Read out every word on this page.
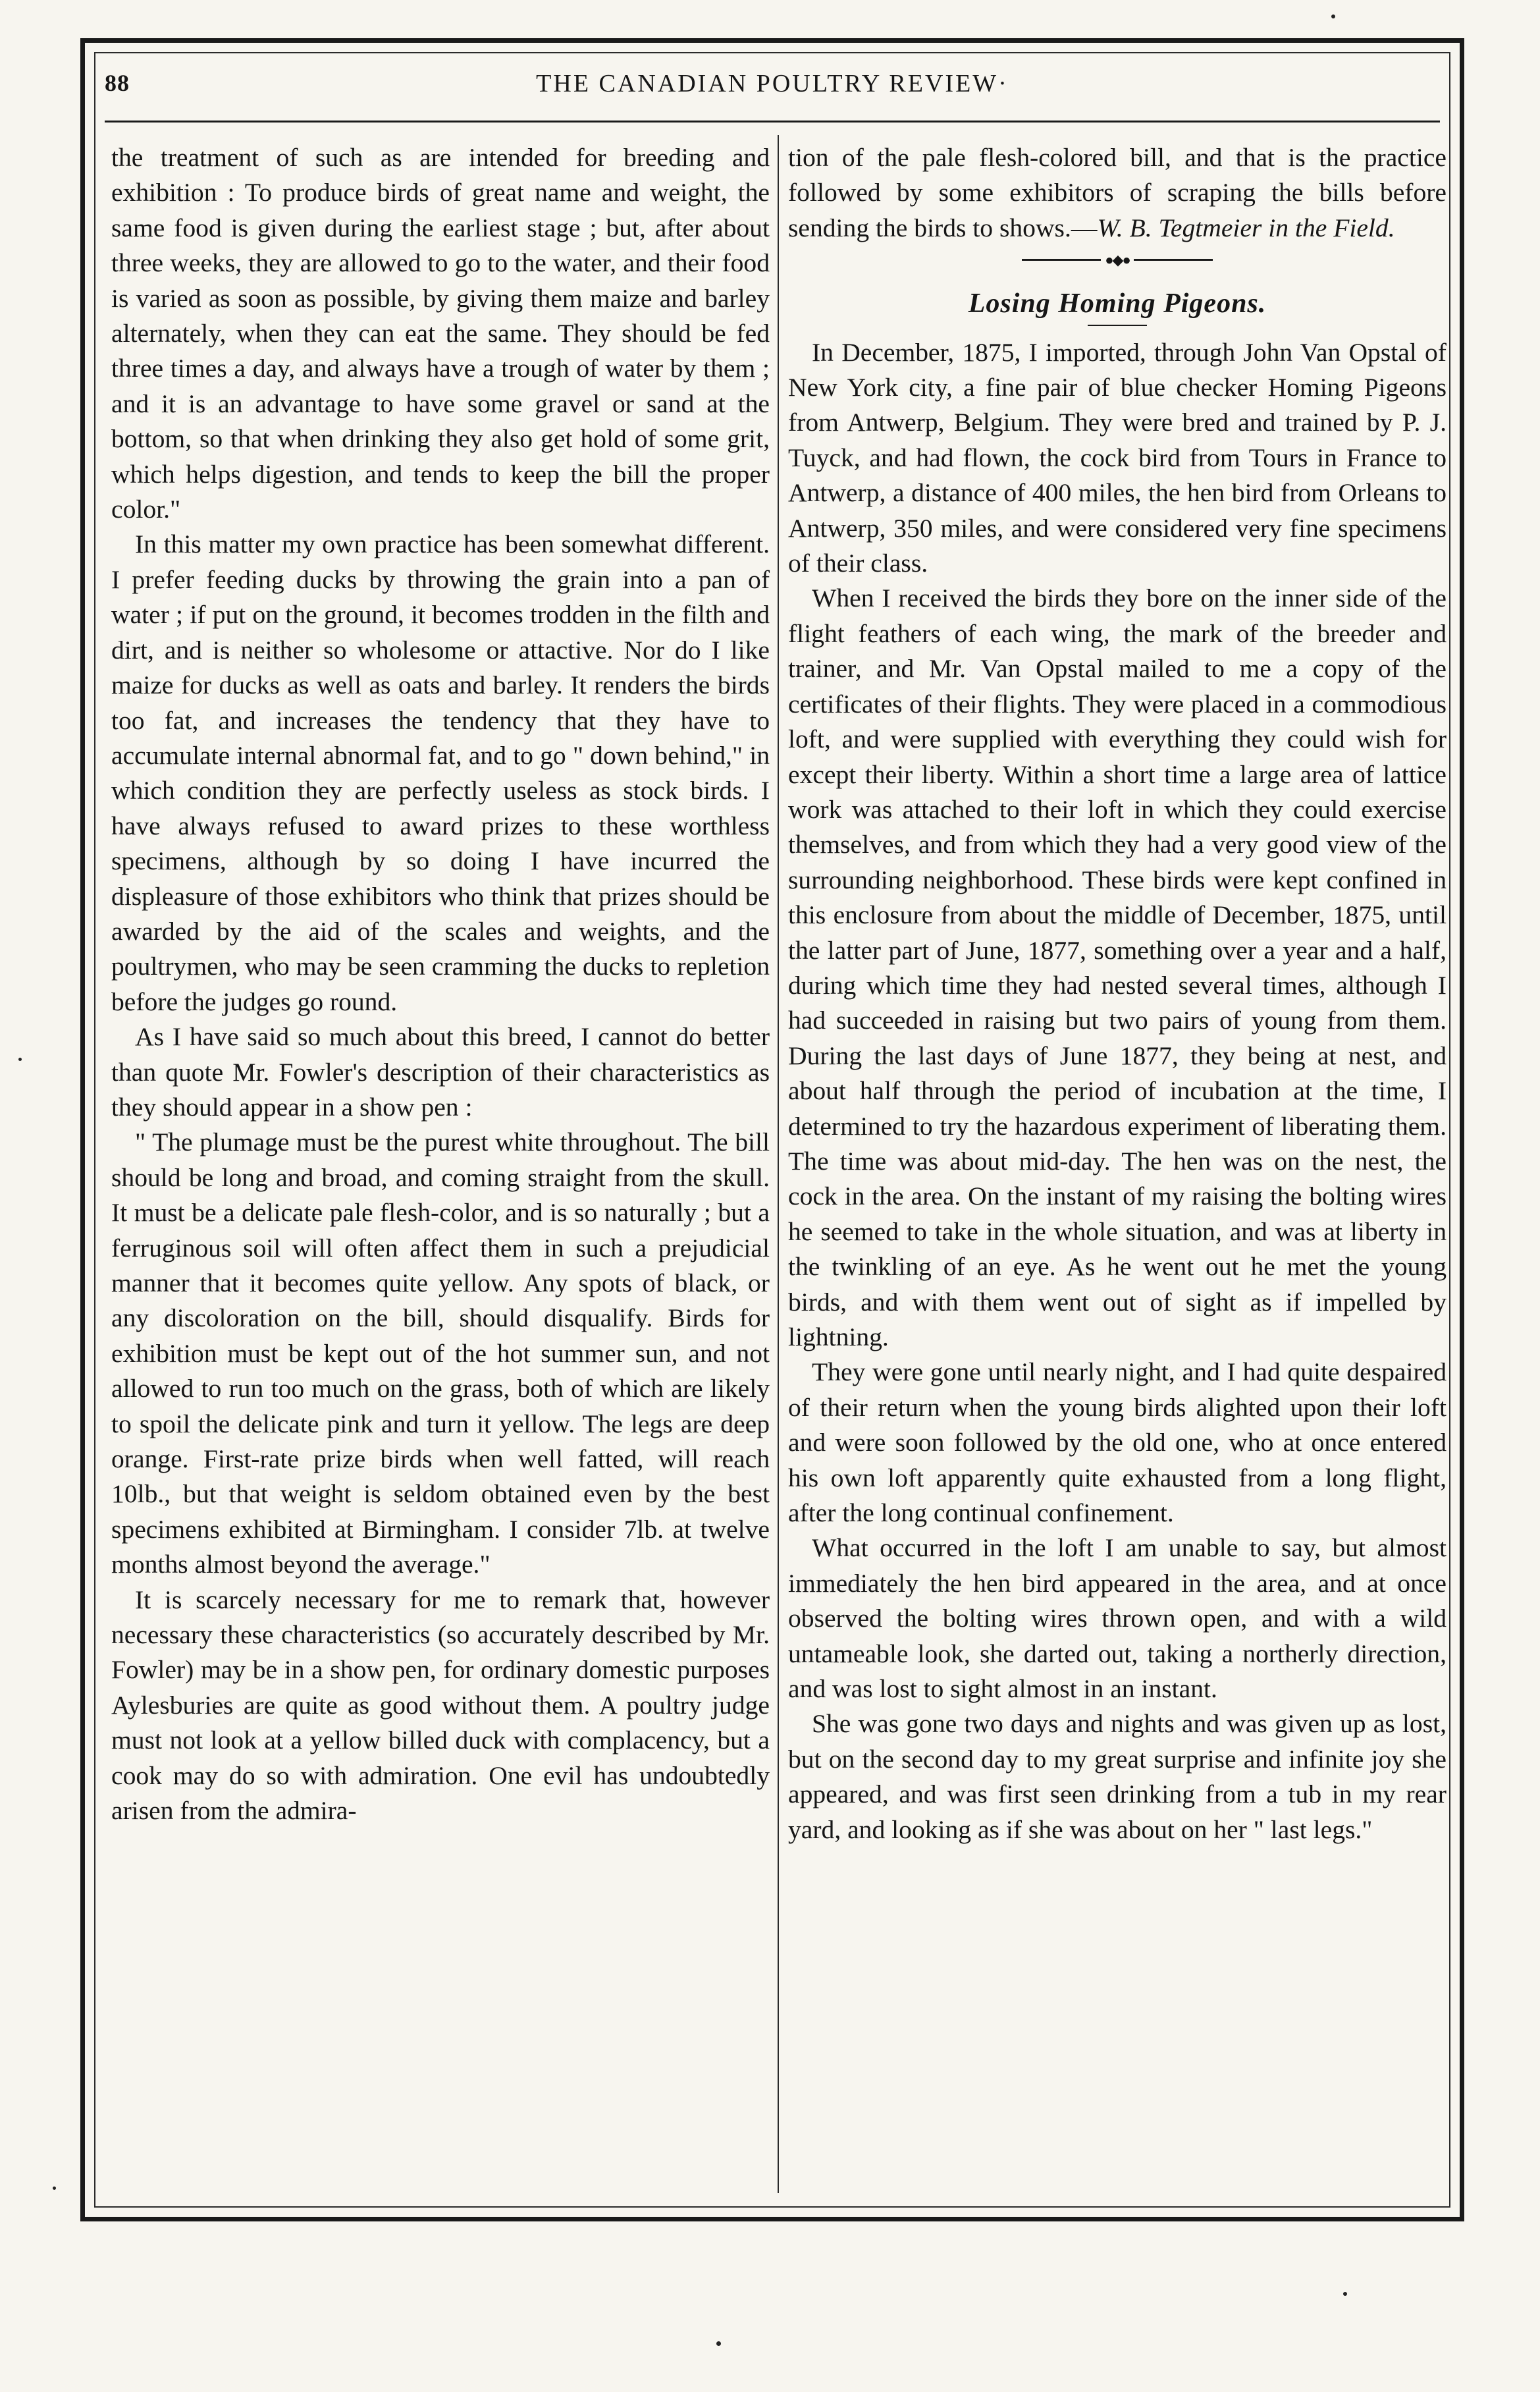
88	THE CANADIAN POULTRY REVIEW·

the treatment of such as are intended for breeding and exhibition : To produce birds of great name and weight, the same food is given during the earliest stage ; but, after about three weeks, they are allowed to go to the water, and their food is varied as soon as possible, by giving them maize and barley alternately, when they can eat the same. They should be fed three times a day, and always have a trough of water by them ; and it is an advantage to have some gravel or sand at the bottom, so that when drinking they also get hold of some grit, which helps digestion, and tends to keep the bill the proper color."

In this matter my own practice has been somewhat different. I prefer feeding ducks by throwing the grain into a pan of water ; if put on the ground, it becomes trodden in the filth and dirt, and is neither so wholesome or attactive. Nor do I like maize for ducks as well as oats and barley. It renders the birds too fat, and increases the tendency that they have to accumulate internal abnormal fat, and to go " down behind," in which condition they are perfectly useless as stock birds. I have always refused to award prizes to these worthless specimens, although by so doing I have incurred the displeasure of those exhibitors who think that prizes should be awarded by the aid of the scales and weights, and the poultrymen, who may be seen cramming the ducks to repletion before the judges go round.

As I have said so much about this breed, I cannot do better than quote Mr. Fowler's description of their characteristics as they should appear in a show pen :

" The plumage must be the purest white throughout. The bill should be long and broad, and coming straight from the skull. It must be a delicate pale flesh-color, and is so naturally ; but a ferruginous soil will often affect them in such a prejudicial manner that it becomes quite yellow. Any spots of black, or any discoloration on the bill, should disqualify. Birds for exhibition must be kept out of the hot summer sun, and not allowed to run too much on the grass, both of which are likely to spoil the delicate pink and turn it yellow. The legs are deep orange. First-rate prize birds when well fatted, will reach 10lb., but that weight is seldom obtained even by the best specimens exhibited at Birmingham. I consider 7lb. at twelve months almost beyond the average."

It is scarcely necessary for me to remark that, however necessary these characteristics (so accurately described by Mr. Fowler) may be in a show pen, for ordinary domestic purposes Aylesburies are quite as good without them. A poultry judge must not look at a yellow billed duck with complacency, but a cook may do so with admiration. One evil has undoubtedly arisen from the admira-

tion of the pale flesh-colored bill, and that is the practice followed by some exhibitors of scraping the bills before sending the birds to shows.—W. B. Tegtmeier in the Field.

●◆●
Losing Homing Pigeons.

In December, 1875, I imported, through John Van Opstal of New York city, a fine pair of blue checker Homing Pigeons from Antwerp, Belgium. They were bred and trained by P. J. Tuyck, and had flown, the cock bird from Tours in France to Antwerp, a distance of 400 miles, the hen bird from Orleans to Antwerp, 350 miles, and were considered very fine specimens of their class.

When I received the birds they bore on the inner side of the flight feathers of each wing, the mark of the breeder and trainer, and Mr. Van Opstal mailed to me a copy of the certificates of their flights. They were placed in a commodious loft, and were supplied with everything they could wish for except their liberty. Within a short time a large area of lattice work was attached to their loft in which they could exercise themselves, and from which they had a very good view of the surrounding neighborhood. These birds were kept confined in this enclosure from about the middle of December, 1875, until the latter part of June, 1877, something over a year and a half, during which time they had nested several times, although I had succeeded in raising but two pairs of young from them. During the last days of June 1877, they being at nest, and about half through the period of incubation at the time, I determined to try the hazardous experiment of liberating them. The time was about mid-day. The hen was on the nest, the cock in the area. On the instant of my raising the bolting wires he seemed to take in the whole situation, and was at liberty in the twinkling of an eye. As he went out he met the young birds, and with them went out of sight as if impelled by lightning.

They were gone until nearly night, and I had quite despaired of their return when the young birds alighted upon their loft and were soon followed by the old one, who at once entered his own loft apparently quite exhausted from a long flight, after the long continual confinement.

What occurred in the loft I am unable to say, but almost immediately the hen bird appeared in the area, and at once observed the bolting wires thrown open, and with a wild untameable look, she darted out, taking a northerly direction, and was lost to sight almost in an instant.

She was gone two days and nights and was given up as lost, but on the second day to my great surprise and infinite joy she appeared, and was first seen drinking from a tub in my rear yard, and looking as if she was about on her " last legs."
